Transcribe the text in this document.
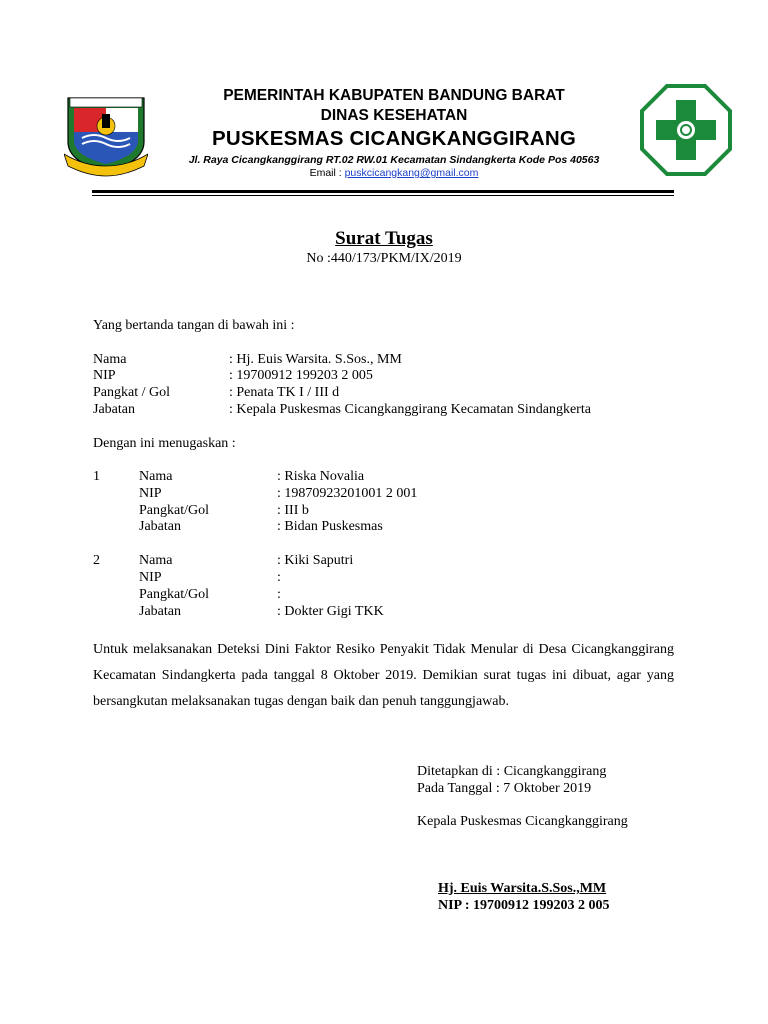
PEMERINTAH KABUPATEN BANDUNG BARAT
DINAS KESEHATAN
PUSKESMAS CICANGKANGGIRANG
Jl. Raya Cicangkanggirang RT.02 RW.01 Kecamatan Sindangkerta Kode Pos 40563
Email : puskcicangkang@gmail.com
Surat Tugas
No :440/173/PKM/IX/2019
Yang bertanda tangan di bawah ini :
Nama	: Hj. Euis Warsita. S.Sos., MM
NIP	: 19700912 199203 2 005
Pangkat / Gol	: Penata TK I / III d
Jabatan	: Kepala Puskesmas Cicangkanggirang Kecamatan Sindangkerta
Dengan ini menugaskan :
1	Nama	: Riska Novalia
NIP	: 19870923201001 2 001
Pangkat/Gol	: III b
Jabatan	: Bidan Puskesmas
2	Nama	: Kiki Saputri
NIP	:
Pangkat/Gol	:
Jabatan	: Dokter Gigi TKK
Untuk melaksanakan Deteksi Dini Faktor Resiko Penyakit Tidak Menular di Desa Cicangkanggirang Kecamatan Sindangkerta pada tanggal 8 Oktober 2019. Demikian surat tugas ini dibuat, agar yang bersangkutan melaksanakan tugas dengan baik dan penuh tanggungjawab.
Ditetapkan di : Cicangkanggirang
Pada Tanggal : 7 Oktober 2019
Kepala Puskesmas Cicangkanggirang
Hj. Euis Warsita.S.Sos.,MM
NIP : 19700912 199203 2 005
